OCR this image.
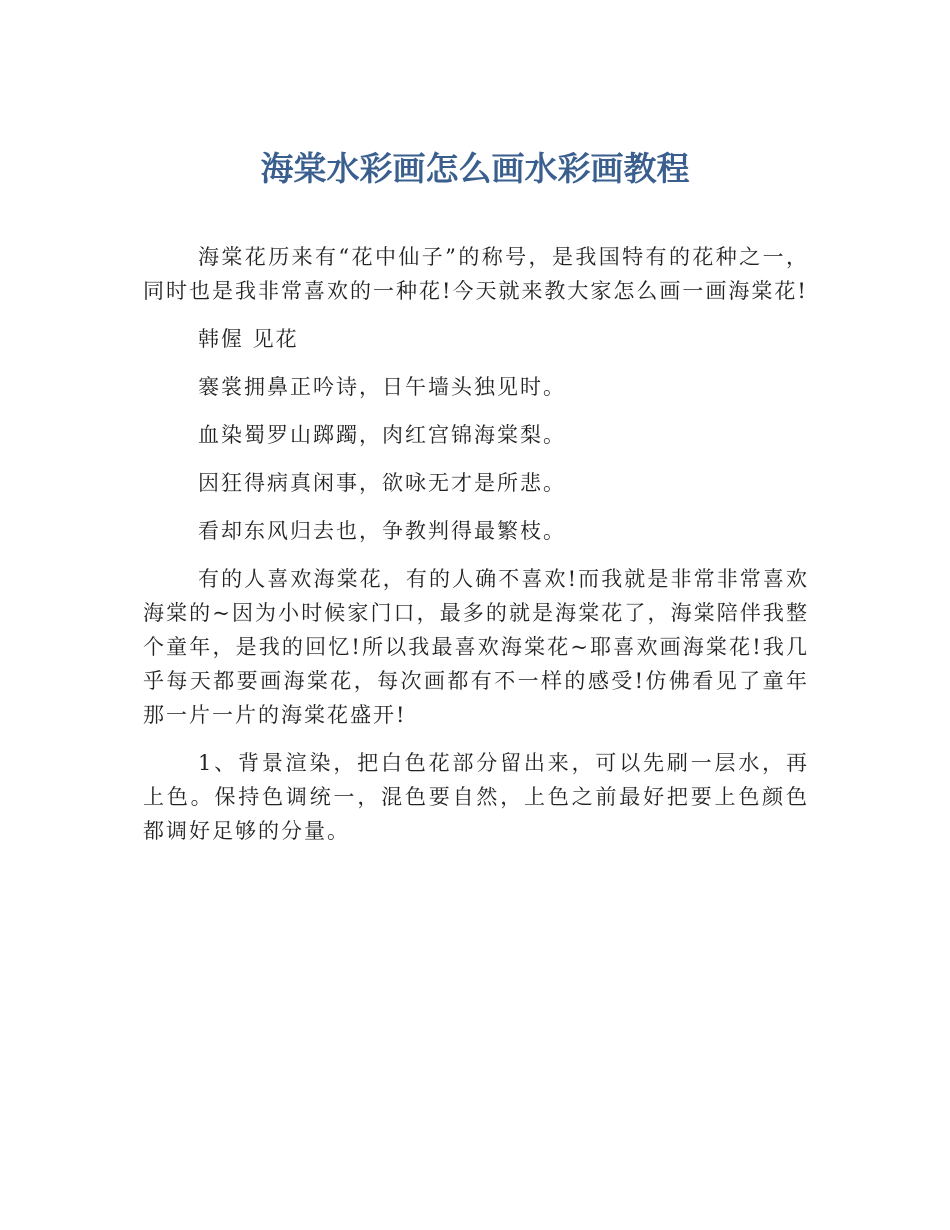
海棠水彩画怎么画水彩画教程

海棠花历来有“花中仙子”的称号，是我国特有的花种之一，同时也是我非常喜欢的一种花!今天就来教大家怎么画一画海棠花!

韩偓 见花

褰裳拥鼻正吟诗，日午墙头独见时。

血染蜀罗山踯躅，肉红宫锦海棠梨。

因狂得病真闲事，欲咏无才是所悲。

看却东风归去也，争教判得最繁枝。

有的人喜欢海棠花，有的人确不喜欢!而我就是非常非常喜欢海棠的~因为小时候家门口，最多的就是海棠花了，海棠陪伴我整个童年，是我的回忆!所以我最喜欢海棠花~耶喜欢画海棠花!我几乎每天都要画海棠花，每次画都有不一样的感受!仿佛看见了童年那一片一片的海棠花盛开!

1、背景渲染，把白色花部分留出来，可以先刷一层水，再上色。保持色调统一，混色要自然，上色之前最好把要上色颜色都调好足够的分量。
